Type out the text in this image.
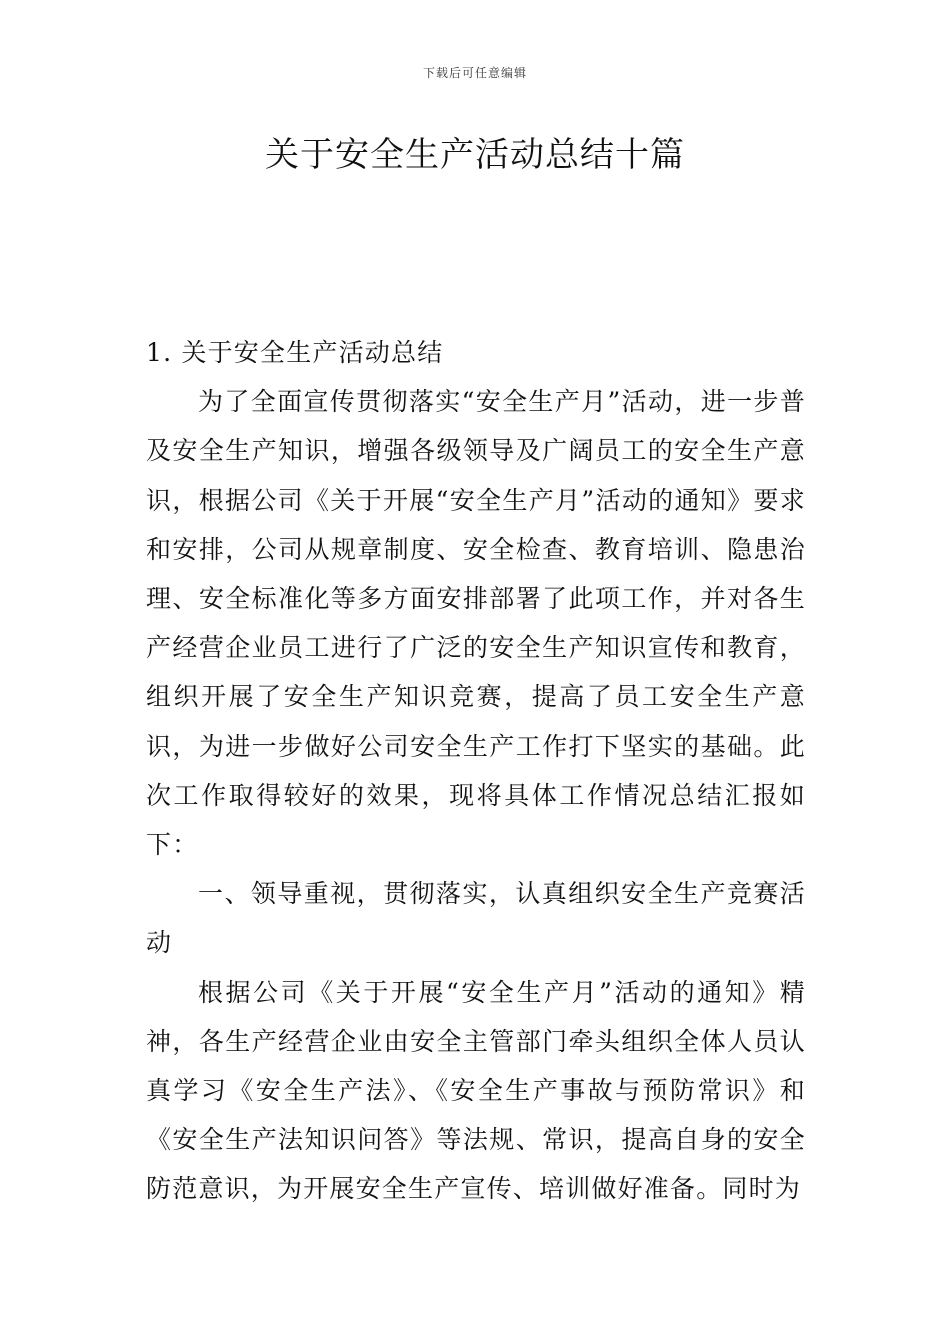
下载后可任意编辑
关于安全生产活动总结十篇

1. 关于安全生产活动总结

为了全面宣传贯彻落实“安全生产月”活动，进一步普及安全生产知识，增强各级领导及广阔员工的安全生产意识，根据公司《关于开展“安全生产月”活动的通知》要求和安排，公司从规章制度、安全检查、教育培训、隐患治理、安全标准化等多方面安排部署了此项工作，并对各生产经营企业员工进行了广泛的安全生产知识宣传和教育，组织开展了安全生产知识竞赛，提高了员工安全生产意识，为进一步做好公司安全生产工作打下坚实的基础。此次工作取得较好的效果，现将具体工作情况总结汇报如下：

一、领导重视，贯彻落实，认真组织安全生产竞赛活动

根据公司《关于开展“安全生产月”活动的通知》精神，各生产经营企业由安全主管部门牵头组织全体人员认真学习《安全生产法》、《安全生产事故与预防常识》和《安全生产法知识问答》等法规、常识，提高自身的安全防范意识，为开展安全生产宣传、培训做好准备。同时为
